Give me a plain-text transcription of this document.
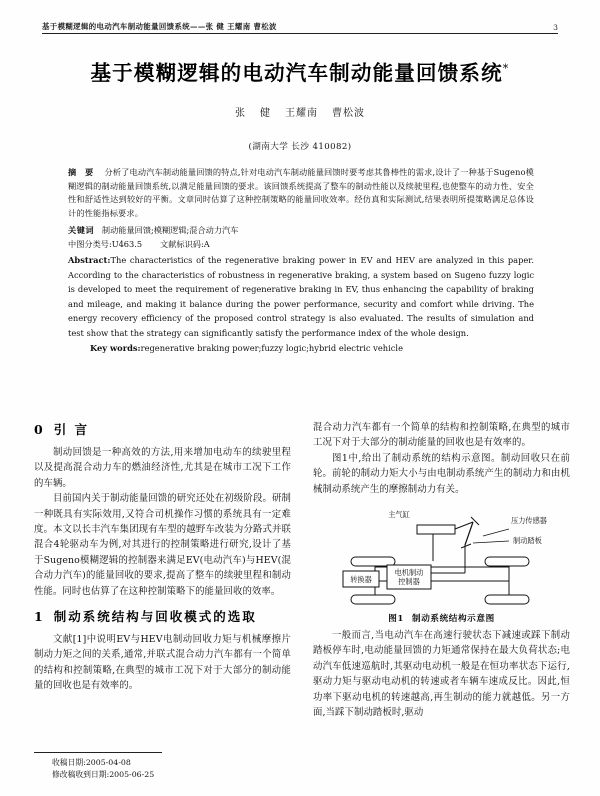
基于模糊逻辑的电动汽车制动能量回馈系统——张 健 王耀南 曹松波	3
基于模糊逻辑的电动汽车制动能量回馈系统*
张 健 王耀南 曹松波
(湖南大学 长沙 410082)
摘 要 分析了电动汽车制动能量回馈的特点,针对电动汽车制动能量回馈时要考虑其鲁棒性的需求,设计了一种基于Sugeno模糊逻辑的制动能量回馈系统,以满足能量回馈的要求。该回馈系统提高了整车的制动性能以及续驶里程,也使整车的动力性、安全性和舒适性达到较好的平衡。文章同时估算了这种控制策略的能量回收效率。经仿真和实际测试,结果表明所提策略满足总体设计的性能指标要求。
关键词 制动能量回馈;模糊逻辑;混合动力汽车
中图分类号:U463.5 文献标识码:A
Abstract:The characteristics of the regenerative braking power in EV and HEV are analyzed in this paper. According to the characteristics of robustness in regenerative braking, a system based on Sugeno fuzzy logic is developed to meet the requirement of regenerative braking in EV, thus enhancing the capability of braking and mileage, and making it balance during the power performance, security and comfort while driving. The energy recovery efficiency of the proposed control strategy is also evaluated. The results of simulation and test show that the strategy can significantly satisfy the performance index of the whole design.
Key words:regenerative braking power;fuzzy logic;hybrid electric vehicle
0 引 言

制动回馈是一种高效的方法,用来增加电动车的续驶里程以及提高混合动力车的燃油经济性,尤其是在城市工况下工作的车辆。

目前国内关于制动能量回馈的研究还处在初级阶段。研制一种既具有实际效用,又符合司机操作习惯的系统具有一定难度。本文以长丰汽车集团现有车型的越野车改装为分路式并联混合4轮驱动车为例,对其进行的控制策略进行研究,设计了基于Sugeno模糊逻辑的控制器来满足EV(电动汽车)与HEV(混合动力汽车)的能量回收的要求,提高了整车的续驶里程和制动性能。同时也估算了在这种控制策略下的能量回收的效率。

1 制动系统结构与回收模式的选取

文献[1]中说明EV与HEV电制动回收力矩与机械摩擦片制动力矩之间的关系,通常,并联式混合动力汽车都有一个简单的结构和控制策略,在典型的城市工况下对于大部分的制动能量的回收也是有效率的。

收稿日期:2005-04-08
修改稿收到日期:2005-06-25

混合动力汽车都有一个简单的结构和控制策略,在典型的城市工况下对于大部分的制动能量的回收也是有效率的。

图1中,给出了制动系统的结构示意图。制动回收只在前轮。前轮的制动力矩大小与由电制动系统产生的制动力和由机械制动系统产生的摩擦制动力有关。

主气缸
压力传感器
制动踏板
转换器
电机制动
控制器
图1 制动系统结构示意图

一般而言,当电动汽车在高速行驶状态下减速或踩下制动踏板停车时,电动能量回馈的力矩通常保持在最大负荷状态;电动汽车低速巡航时,其驱动电动机一般是在恒功率状态下运行,驱动力矩与驱动电动机的转速或者车辆车速成反比。因此,恒功率下驱动电机的转速越高,再生制动的能力就越低。另一方面,当踩下制动踏板时,驱动
